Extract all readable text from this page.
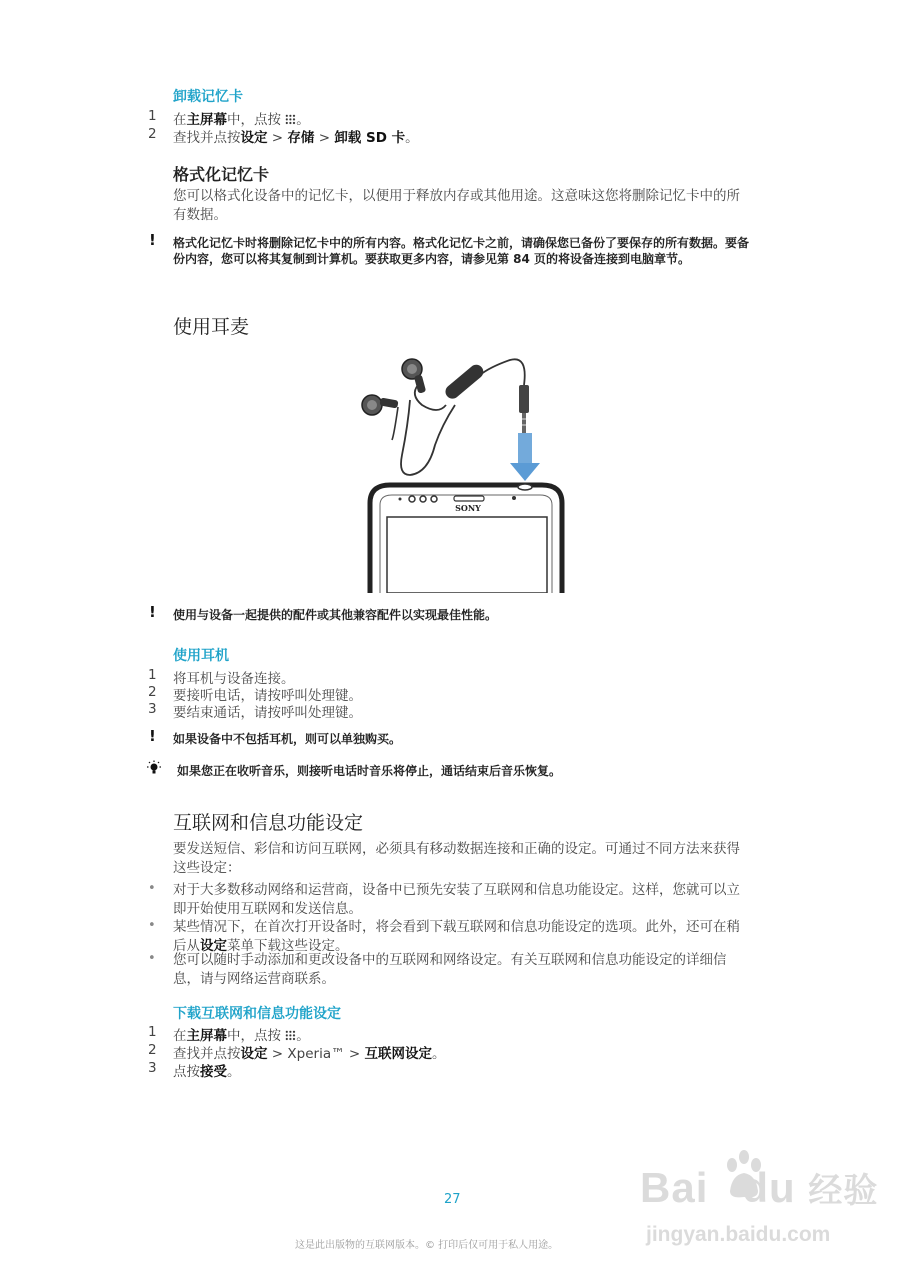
卸载记忆卡
1 在主屏幕中，点按 。
2 查找并点按设定 > 存储 > 卸载 SD 卡。
格式化记忆卡
您可以格式化设备中的记忆卡，以便用于释放内存或其他用途。这意味这您将删除记忆卡中的所有数据。
! 格式化记忆卡时将删除记忆卡中的所有内容。格式化记忆卡之前，请确保您已备份了要保存的所有数据。要备份内容，您可以将其复制到计算机。要获取更多内容，请参见第 84 页的将设备连接到电脑章节。
使用耳麦
SONY
! 使用与设备一起提供的配件或其他兼容配件以实现最佳性能。
使用耳机
1 将耳机与设备连接。
2 要接听电话，请按呼叫处理键。
3 要结束通话，请按呼叫处理键。
! 如果设备中不包括耳机，则可以单独购买。
如果您正在收听音乐，则接听电话时音乐将停止，通话结束后音乐恢复。
互联网和信息功能设定
要发送短信、彩信和访问互联网，必须具有移动数据连接和正确的设定。可通过不同方法来获得这些设定：
• 对于大多数移动网络和运营商，设备中已预先安装了互联网和信息功能设定。这样，您就可以立即开始使用互联网和发送信息。
• 某些情况下，在首次打开设备时，将会看到下载互联网和信息功能设定的选项。此外，还可在稍后从设定菜单下载这些设定。
• 您可以随时手动添加和更改设备中的互联网和网络设定。有关互联网和信息功能设定的详细信息，请与网络运营商联系。
下载互联网和信息功能设定
1 在主屏幕中，点按 。
2 查找并点按设定 > Xperia™ > 互联网设定。
3 点按接受。
27
这是此出版物的互联网版本。© 打印后仅可用于私人用途。
Bai du 经验
jingyan.baidu.com
